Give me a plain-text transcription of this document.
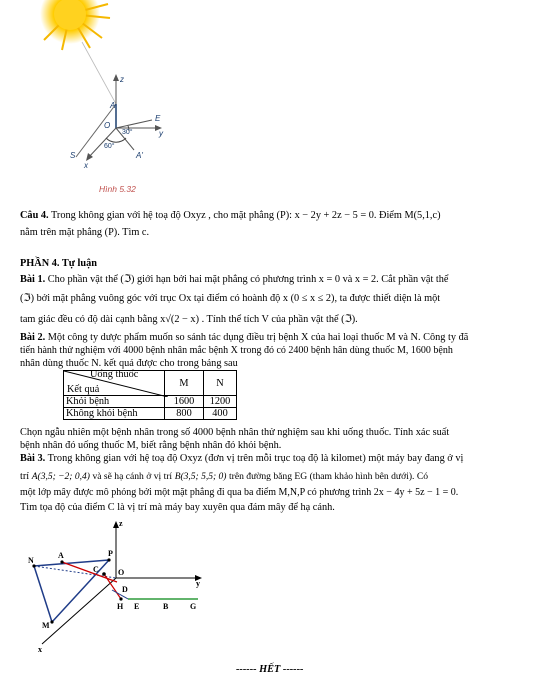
z
A
O
E
y
30°
60°
S
x
A'
Hình 5.32
Câu 4. Trong không gian với hệ toạ độ Oxyz , cho mặt phẳng (P): x − 2y + 2z − 5 = 0. Điểm M(5,1,c)
nằm trên mặt phẳng (P). Tìm c.
PHẦN 4. Tự luận
Bài 1. Cho phần vật thể (ℑ) giới hạn bởi hai mặt phẳng có phương trình x = 0 và x = 2. Cắt phần vật thể
(ℑ) bởi mặt phẳng vuông góc với trục Ox tại điểm có hoành độ x (0 ≤ x ≤ 2), ta được thiết diện là một
tam giác đều có độ dài cạnh bằng x√(2 − x) . Tính thể tích V của phần vật thể (ℑ).
Bài 2. Một công ty dược phẩm muốn so sánh tác dụng điều trị bệnh X của hai loại thuốc M và N. Công ty đã
tiến hành thử nghiệm với 4000 bệnh nhân mắc bệnh X trong đó có 2400 bệnh hân dùng thuốc M, 1600 bệnh
nhân dùng thuốc N. kết quả được cho trong bảng sau
Uống thuốc
Kết quả	M	N
Khỏi bệnh	1600	1200
Không khỏi bệnh	800	400
Chọn ngẫu nhiên một bệnh nhân trong số 4000 bệnh nhân thử nghiệm sau khi uống thuốc. Tính xác suất
bệnh nhân đó uống thuốc M, biết rằng bệnh nhân đó khỏi bệnh.
Bài 3. Trong không gian với hệ toạ độ Oxyz (đơn vị trên mỗi trục toạ độ là kilomet) một máy bay đang ở vị
trí A(3,5; −2; 0,4) và sẽ hạ cánh ở vị trí B(3,5; 5,5; 0) trên đường băng EG (tham khảo hình bên dưới). Có
một lớp mây được mô phỏng bởi một mặt phẳng đi qua ba điểm M,N,P có phương trình 2x − 4y + 5z − 1 = 0.
Tìm tọa độ của điểm C là vị trí mà máy bay xuyên qua đám mây để hạ cánh.
z
P
A
N
C O
y
D
H E	B	G
M
x
------ HẾT ------
